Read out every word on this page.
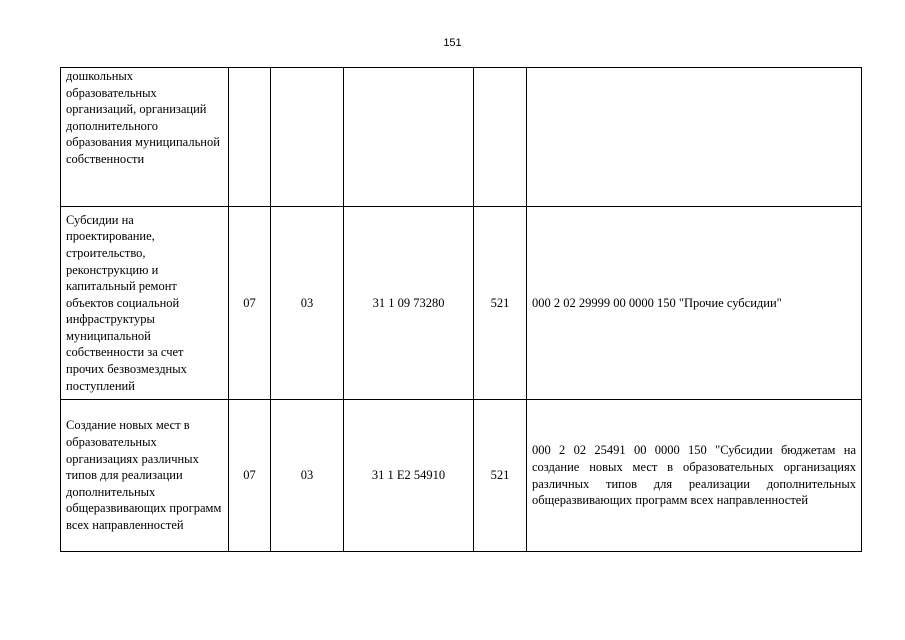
151
дошкольных образовательных организаций, организаций дополнительного образования муниципальной собственности					
Субсидии на проектирование, строительство, реконструкцию и капитальный ремонт объектов социальной инфраструктуры муниципальной собственности за счет прочих безвозмездных поступлений	07	03	31 1 09 73280	521	000 2 02 29999 00 0000 150 "Прочие субсидии"
Создание новых мест в образовательных организациях различных типов для реализации дополнительных общеразвивающих программ всех направленностей	07	03	31 1 E2 54910	521	000 2 02 25491 00 0000 150 "Субсидии бюджетам на создание новых мест в образовательных организациях различных типов для реализации дополнительных общеразвивающих программ всех направленностей
